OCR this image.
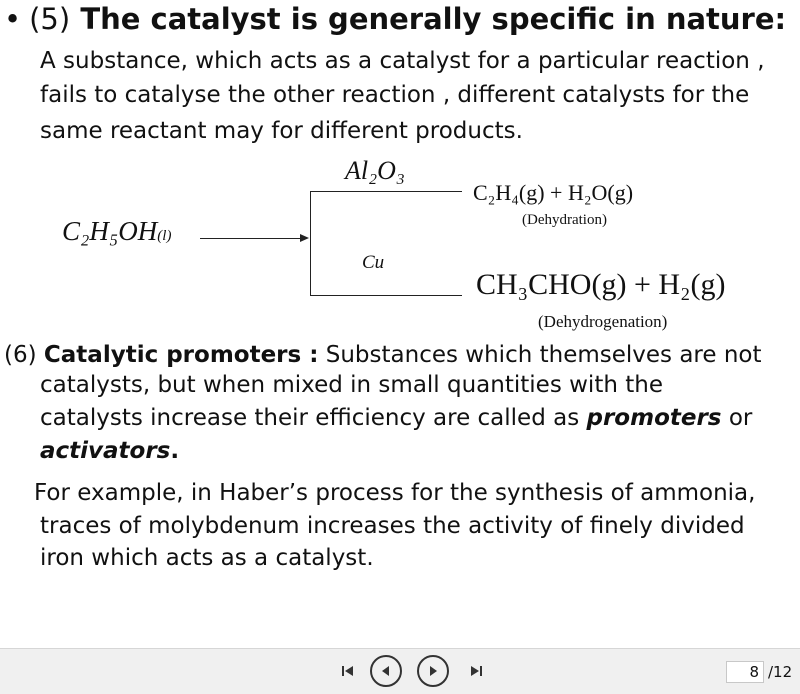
• (5) The catalyst is generally specific in nature:
A substance, which acts as a catalyst for a particular reaction ,
fails to catalyse the other reaction , different catalysts for the
same reactant may for different products.
C₂H₅OH(l)
Al₂O₃
Cu
C₂H₄(g) + H₂O(g)
(Dehydration)
CH₃CHO(g) + H₂(g)
(Dehydrogenation)
(6) Catalytic promoters : Substances which themselves are not
catalysts, but when mixed in small quantities with the
catalysts increase their efficiency are called as promoters or
activators.
For example, in Haber’s process for the synthesis of ammonia,
traces of molybdenum increases the activity of finely divided
iron which acts as a catalyst.
8 /12
